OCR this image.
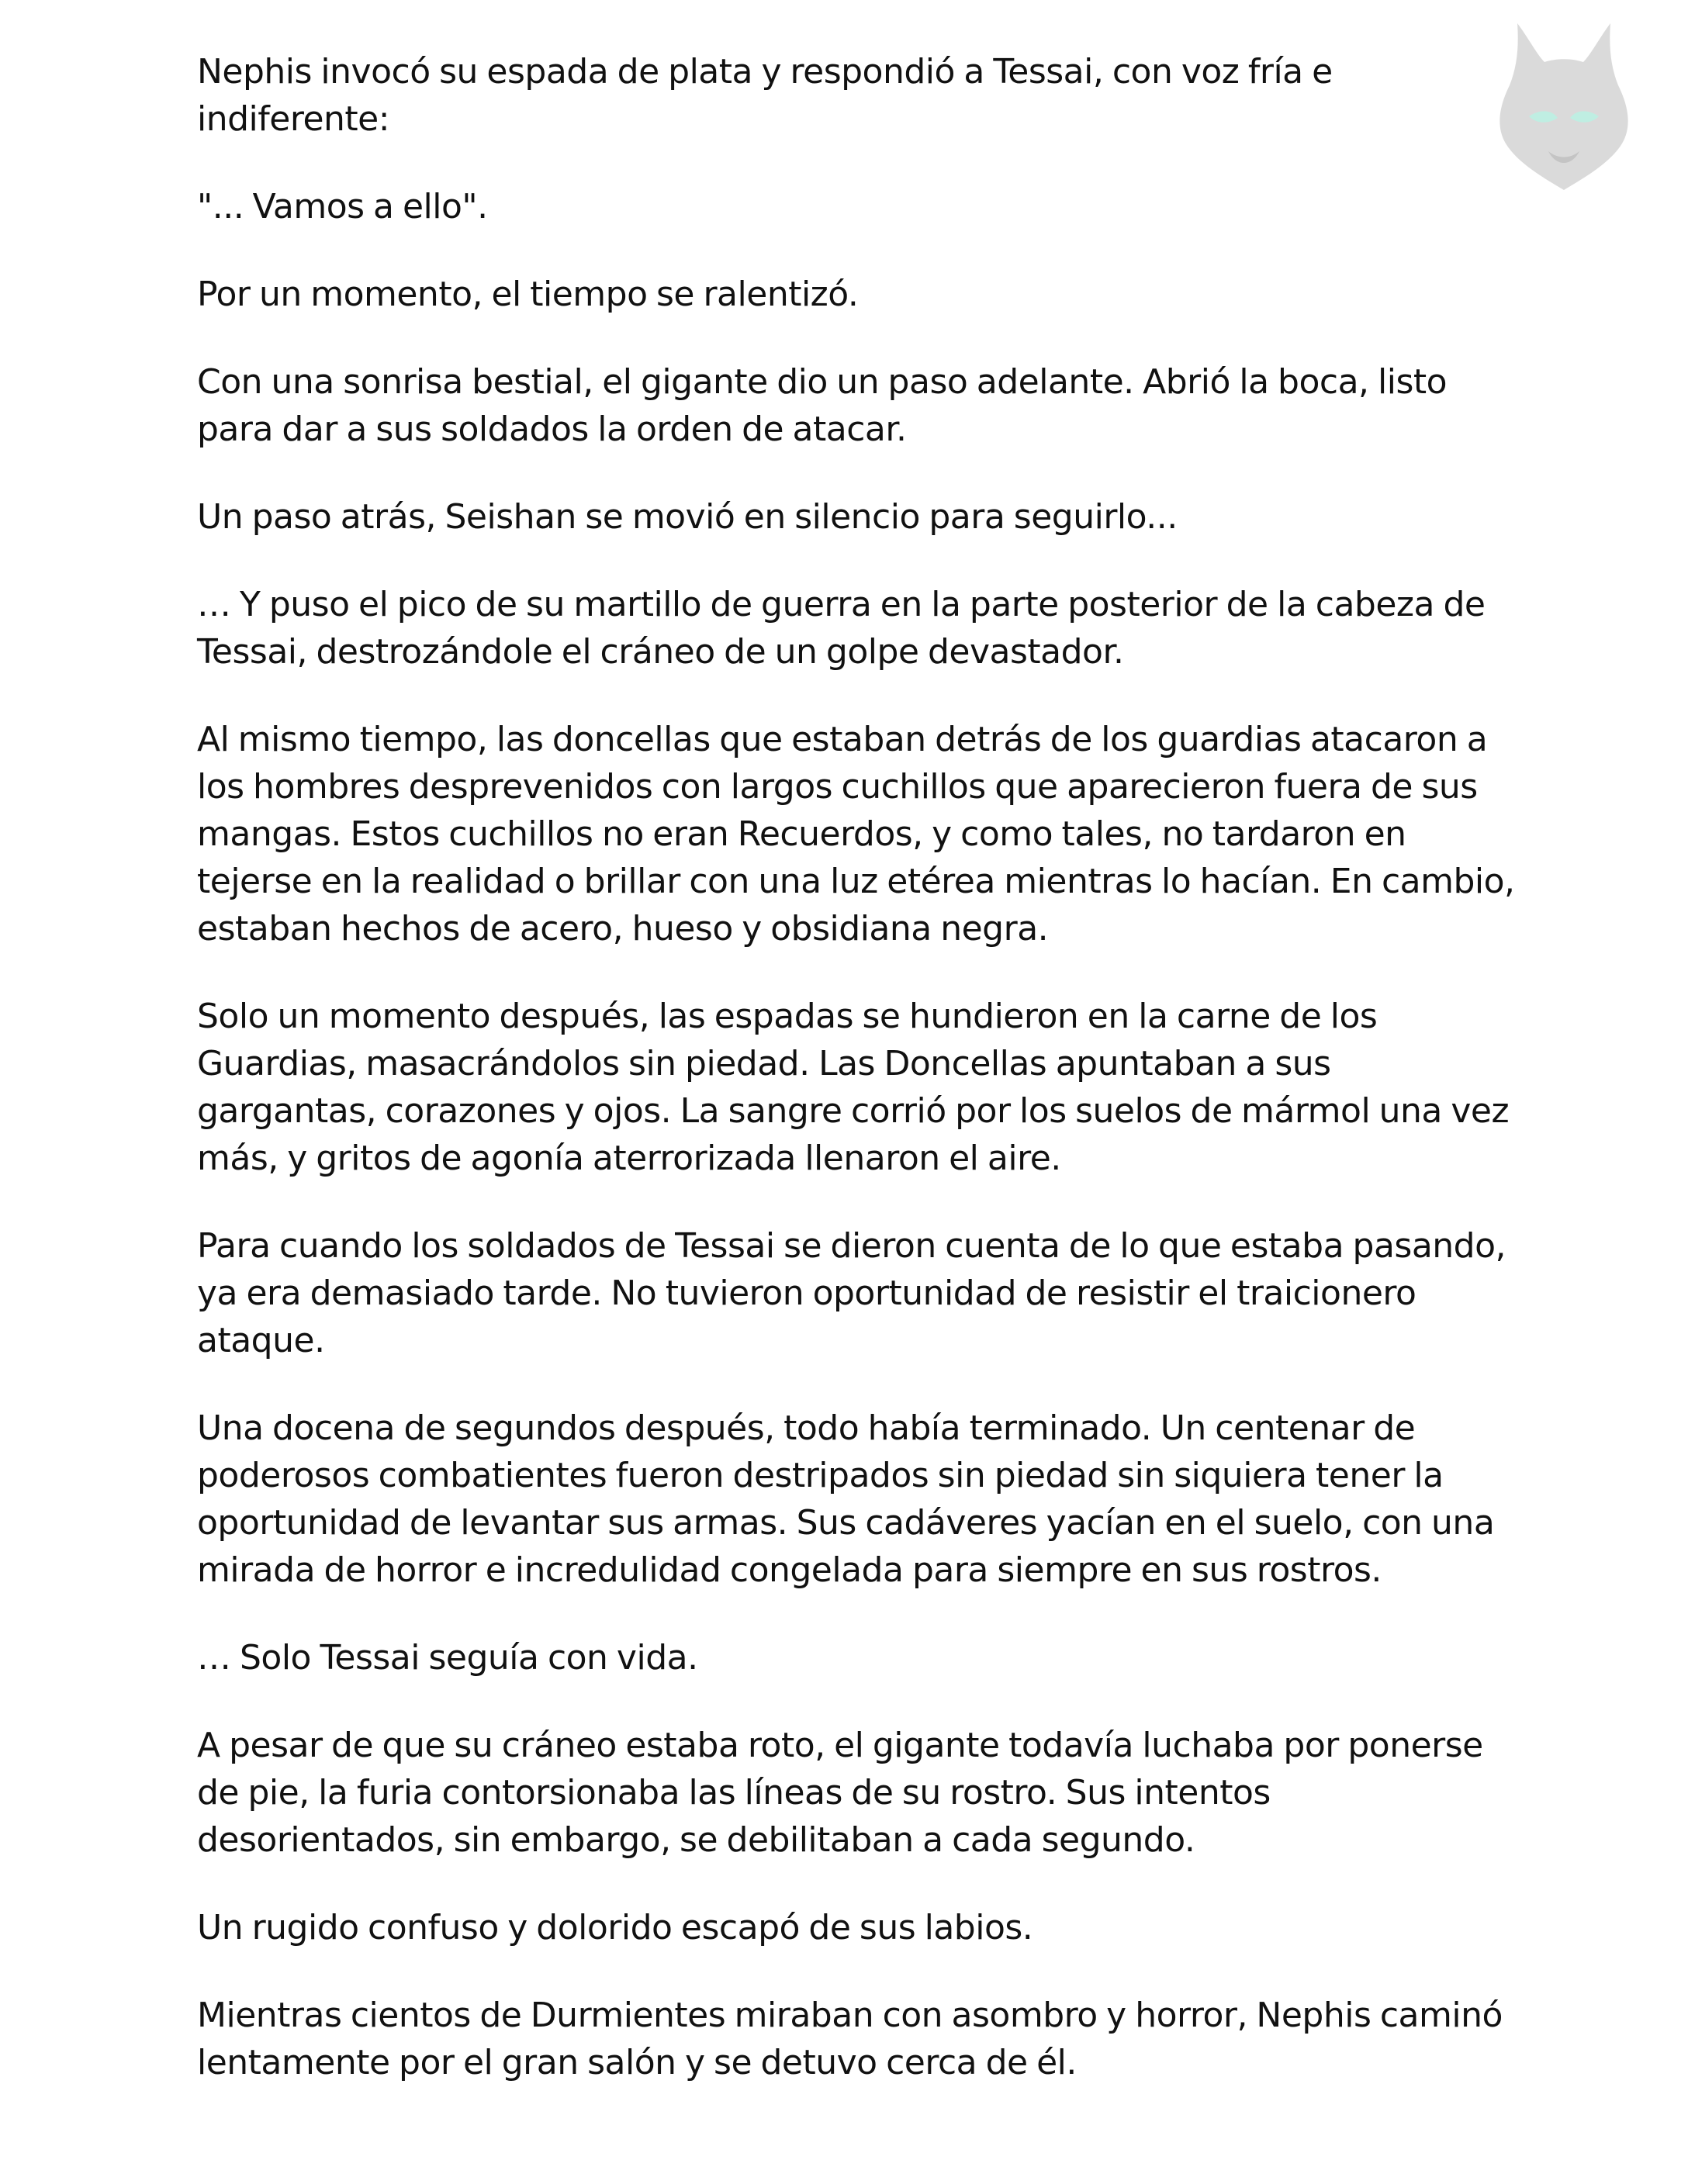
Nephis invocó su espada de plata y respondió a Tessai, con voz fría e indiferente:

"... Vamos a ello".

Por un momento, el tiempo se ralentizó.

Con una sonrisa bestial, el gigante dio un paso adelante. Abrió la boca, listo para dar a sus soldados la orden de atacar.

Un paso atrás, Seishan se movió en silencio para seguirlo...

… Y puso el pico de su martillo de guerra en la parte posterior de la cabeza de Tessai, destrozándole el cráneo de un golpe devastador.

Al mismo tiempo, las doncellas que estaban detrás de los guardias atacaron a los hombres desprevenidos con largos cuchillos que aparecieron fuera de sus mangas. Estos cuchillos no eran Recuerdos, y como tales, no tardaron en tejerse en la realidad o brillar con una luz etérea mientras lo hacían. En cambio, estaban hechos de acero, hueso y obsidiana negra.

Solo un momento después, las espadas se hundieron en la carne de los Guardias, masacrándolos sin piedad. Las Doncellas apuntaban a sus gargantas, corazones y ojos. La sangre corrió por los suelos de mármol una vez más, y gritos de agonía aterrorizada llenaron el aire.

Para cuando los soldados de Tessai se dieron cuenta de lo que estaba pasando, ya era demasiado tarde. No tuvieron oportunidad de resistir el traicionero ataque.

Una docena de segundos después, todo había terminado. Un centenar de poderosos combatientes fueron destripados sin piedad sin siquiera tener la oportunidad de levantar sus armas. Sus cadáveres yacían en el suelo, con una mirada de horror e incredulidad congelada para siempre en sus rostros.

… Solo Tessai seguía con vida.

A pesar de que su cráneo estaba roto, el gigante todavía luchaba por ponerse de pie, la furia contorsionaba las líneas de su rostro. Sus intentos desorientados, sin embargo, se debilitaban a cada segundo.

Un rugido confuso y dolorido escapó de sus labios.

Mientras cientos de Durmientes miraban con asombro y horror, Nephis caminó lentamente por el gran salón y se detuvo cerca de él.
